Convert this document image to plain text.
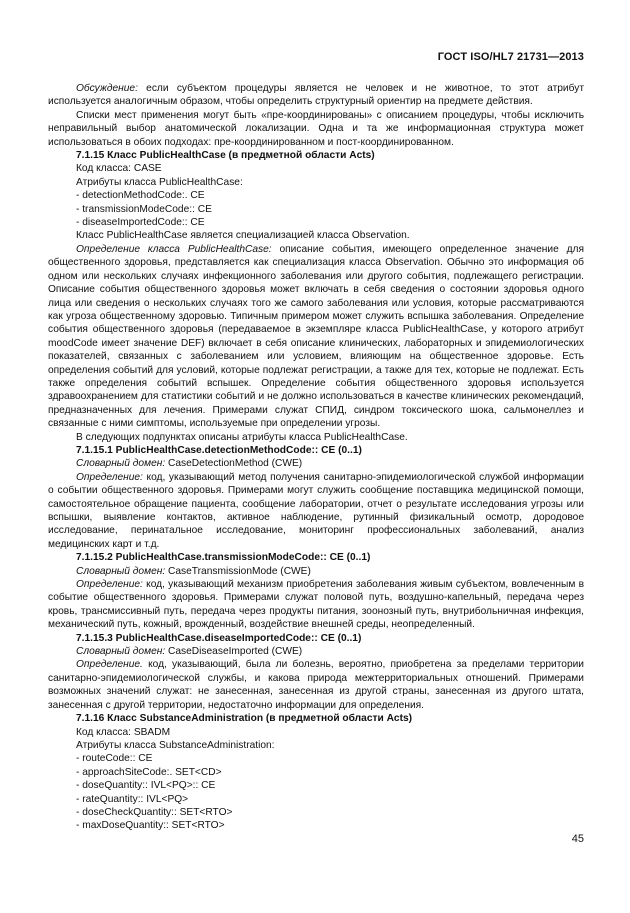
ГОСТ ISO/HL7 21731—2013

Обсуждение: если субъектом процедуры является не человек и не животное, то этот атрибут используется аналогичным образом, чтобы определить структурный ориентир на предмете действия.

Списки мест применения могут быть «пре-координированы» с описанием процедуры, чтобы исключить неправильный выбор анатомической локализации. Одна и та же информационная структура может использоваться в обоих подходах: пре-координированном и пост-координированном.

7.1.15 Класс PublicHealthCase (в предметной области Acts)

Код класса: CASE

Атрибуты класса PublicHealthCase:

- detectionMethodCode:. CE

- transmissionModeCode:: CE

- diseaseImportedCode:: CE

Класс PublicHealthCase является специализацией класса Observation.

Определение класса PublicHealthCase: описание события, имеющего определенное значение для общественного здоровья, представляется как специализация класса Observation. Обычно это информация об одном или нескольких случаях инфекционного заболевания или другого события, подлежащего регистрации. Описание события общественного здоровья может включать в себя сведения о состоянии здоровья одного лица или сведения о нескольких случаях того же самого заболевания или условия, которые рассматриваются как угроза общественному здоровью. Типичным примером может служить вспышка заболевания. Определение события общественного здоровья (передаваемое в экземпляре класса PublicHealthCase, у которого атрибут moodCode имеет значение DEF) включает в себя описание клинических, лабораторных и эпидемиологических показателей, связанных с заболеванием или условием, влияющим на общественное здоровье. Есть определения событий для условий, которые подлежат регистрации, а также для тех, которые не подлежат. Есть также определения событий вспышек. Определение события общественного здоровья используется здравоохранением для статистики событий и не должно использоваться в качестве клинических рекомендаций, предназначенных для лечения. Примерами служат СПИД, синдром токсического шока, сальмонеллез и связанные с ними симптомы, используемые при определении угрозы.

В следующих подпунктах описаны атрибуты класса PublicHealthCase.

7.1.15.1 PublicHealthCase.detectionMethodCode:: CE (0..1)

Словарный домен: CaseDetectionMethod (CWE)

Определение: код, указывающий метод получения санитарно-эпидемиологической службой информации о событии общественного здоровья. Примерами могут служить сообщение поставщика медицинской помощи, самостоятельное обращение пациента, сообщение лаборатории, отчет о результате исследования угрозы или вспышки, выявление контактов, активное наблюдение, рутинный физикальный осмотр, дородовое исследование, перинатальное исследование, мониторинг профессиональных заболеваний, анализ медицинских карт и т.д.

7.1.15.2 PublicHealthCase.transmissionModeCode:: CE (0..1)

Словарный домен: CaseTransmissionMode (CWE)

Определение: код, указывающий механизм приобретения заболевания живым субъектом, вовлеченным в событие общественного здоровья. Примерами служат половой путь, воздушно-капельный, передача через кровь, трансмиссивный путь, передача через продукты питания, зоонозный путь, внутрибольничная инфекция, механический путь, кожный, врожденный, воздействие внешней среды, неопределенный.

7.1.15.3 PublicHealthCase.diseaseImportedCode:: CE (0..1)

Словарный домен: CaseDiseaseImported (CWE)

Определение. код, указывающий, была ли болезнь, вероятно, приобретена за пределами территории санитарно-эпидемиологической службы, и какова природа межтерриториальных отношений. Примерами возможных значений служат: не занесенная, занесенная из другой страны, занесенная из другого штата, занесенная с другой территории, недостаточно информации для определения.

7.1.16 Класс SubstanceAdministration (в предметной области Acts)

Код класса: SBADM

Атрибуты класса SubstanceAdministration:

- routeCode:: CE

- approachSiteCode:. SET<CD>

- doseQuantity:: IVL<PQ>:: CE

- rateQuantity:: IVL<PQ>

- doseCheckQuantity:: SET<RTO>

- maxDoseQuantity:: SET<RTO>

45
